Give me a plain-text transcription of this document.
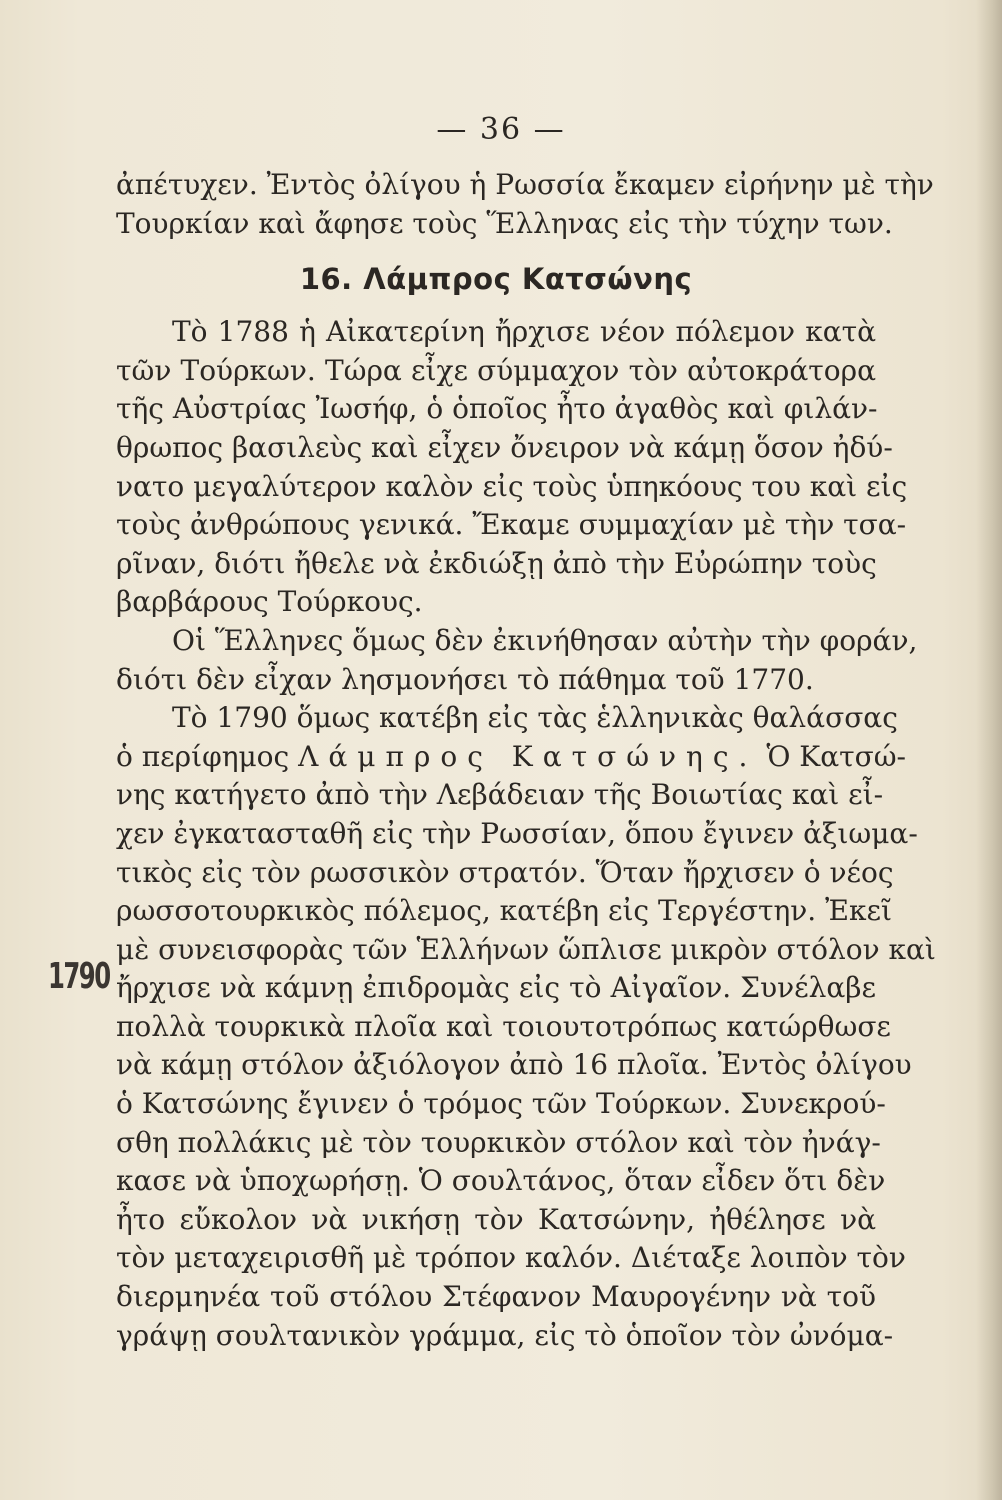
— 36 —
1790
ἀπέτυχεν. Ἐντὸς ὀλίγου ἡ Ρωσσία ἔκαμεν εἰρήνην μὲ τὴν
Τουρκίαν καὶ ἄφησε τοὺς Ἕλληνας εἰς τὴν τύχην των.
16. Λάμπρος Κατσώνης
Τὸ 1788 ἡ Αἰκατερίνη ἤρχισε νέον πόλεμον κατὰ
τῶν Τούρκων. Τώρα εἶχε σύμμαχον τὸν αὐτοκράτορα
τῆς Αὐστρίας Ἰωσήφ, ὁ ὁποῖος ἦτο ἀγαθὸς καὶ φιλάν-
θρωπος βασιλεὺς καὶ εἶχεν ὄνειρον νὰ κάμῃ ὅσον ἠδύ-
νατο μεγαλύτερον καλὸν εἰς τοὺς ὑπηκόους του καὶ εἰς
τοὺς ἀνθρώπους γενικά. Ἔκαμε συμμαχίαν μὲ τὴν τσα-
ρῖναν, διότι ἤθελε νὰ ἐκδιώξῃ ἀπὸ τὴν Εὐρώπην τοὺς
βαρβάρους Τούρκους.
Οἱ Ἕλληνες ὅμως δὲν ἐκινήθησαν αὐτὴν τὴν φοράν,
διότι δὲν εἶχαν λησμονήσει τὸ πάθημα τοῦ 1770.
Τὸ 1790 ὅμως κατέβη εἰς τὰς ἑλληνικὰς θαλάσσας
ὁ περίφημος Λάμπρος Κατσώνης. Ὁ Κατσώ-
νης κατήγετο ἀπὸ τὴν Λεβάδειαν τῆς Βοιωτίας καὶ εἶ-
χεν ἐγκατασταθῆ εἰς τὴν Ρωσσίαν, ὅπου ἔγινεν ἀξιωμα-
τικὸς εἰς τὸν ρωσσικὸν στρατόν. Ὅταν ἤρχισεν ὁ νέος
ρωσσοτουρκικὸς πόλεμος, κατέβη εἰς Τεργέστην. Ἐκεῖ
μὲ συνεισφορὰς τῶν Ἑλλήνων ὥπλισε μικρὸν στόλον καὶ
ἤρχισε νὰ κάμνῃ ἐπιδρομὰς εἰς τὸ Αἰγαῖον. Συνέλαβε
πολλὰ τουρκικὰ πλοῖα καὶ τοιουτοτρόπως κατώρθωσε
νὰ κάμῃ στόλον ἀξιόλογον ἀπὸ 16 πλοῖα. Ἐντὸς ὀλίγου
ὁ Κατσώνης ἔγινεν ὁ τρόμος τῶν Τούρκων. Συνεκρού-
σθη πολλάκις μὲ τὸν τουρκικὸν στόλον καὶ τὸν ἠνάγ-
κασε νὰ ὑποχωρήσῃ. Ὁ σουλτάνος, ὅταν εἶδεν ὅτι δὲν
ἦτο εὔκολον νὰ νικήσῃ τὸν Κατσώνην, ἠθέλησε νὰ
τὸν μεταχειρισθῆ μὲ τρόπον καλόν. Διέταξε λοιπὸν τὸν
διερμηνέα τοῦ στόλου Στέφανον Μαυρογένην νὰ τοῦ
γράψῃ σουλτανικὸν γράμμα, εἰς τὸ ὁποῖον τὸν ὠνόμα-
